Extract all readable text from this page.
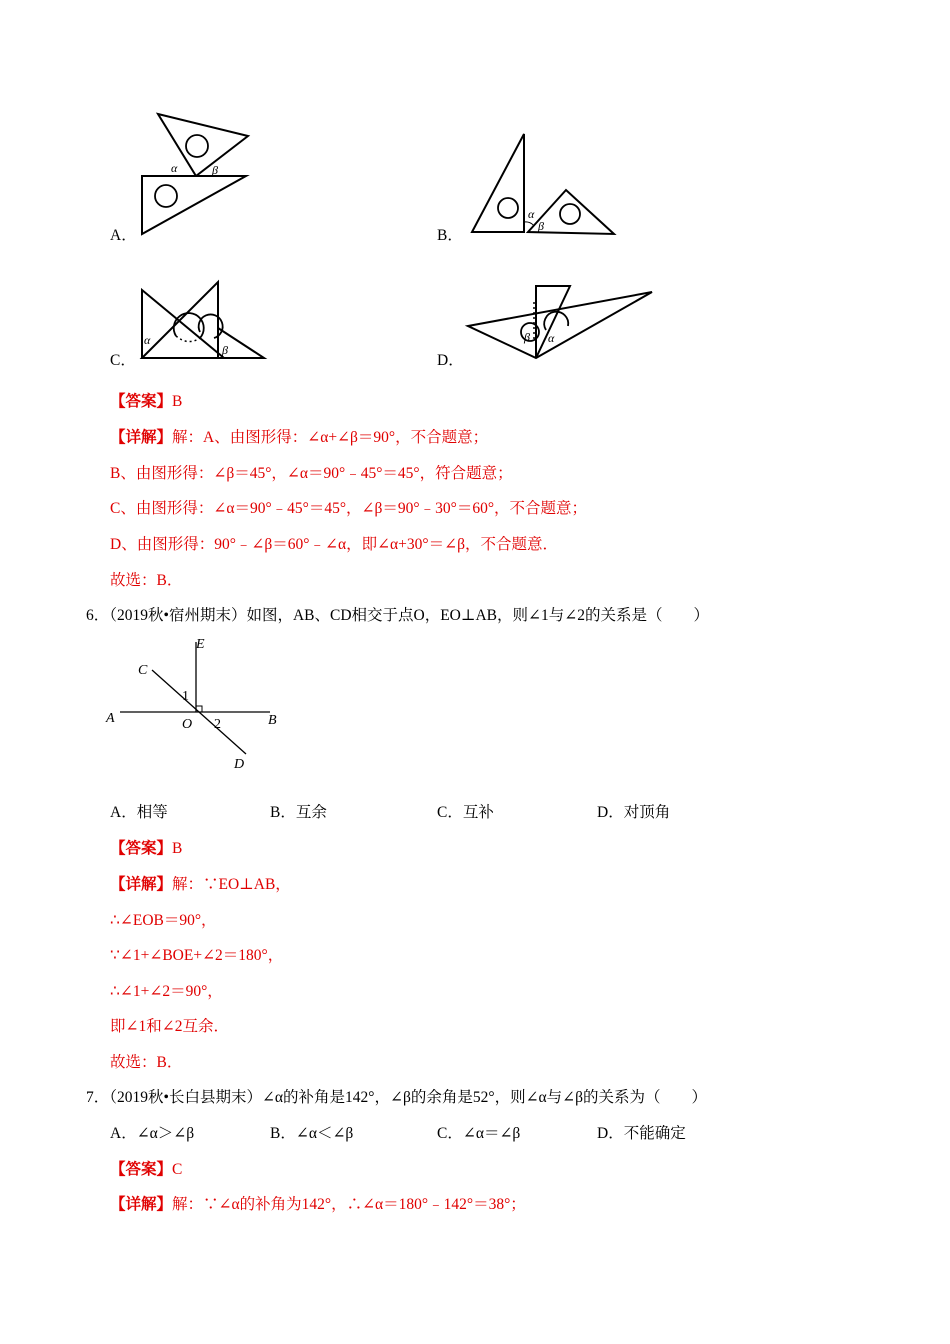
α	β
A．
α
β
B．
α
β
C．
β α
D．
【答案】B
【详解】解：A、由图形得：∠α+∠β＝90°，不合题意；
B、由图形得：∠β＝45°，∠α＝90°﹣45°＝45°，符合题意；
C、由图形得：∠α＝90°﹣45°＝45°，∠β＝90°﹣30°＝60°，不合题意；
D、由图形得：90°﹣∠β＝60°﹣∠α，即∠α+30°＝∠β，不合题意．
故选：B．
6．（2019秋•宿州期末）如图，AB、CD相交于点O，EO⊥AB，则∠1与∠2的关系是（　　）
A	B
C
D
E
O
1
2
A．相等	B．互余	C．互补	D．对顶角
【答案】B
【详解】解：∵EO⊥AB，
∴∠EOB＝90°，
∵∠1+∠BOE+∠2＝180°，
∴∠1+∠2＝90°，
即∠1和∠2互余．
故选：B．
7．（2019秋•长白县期末）∠α的补角是142°，∠β的余角是52°，则∠α与∠β的关系为（　　）
A．∠α＞∠β	B．∠α＜∠β	C．∠α＝∠β	D．不能确定
【答案】C
【详解】解：∵∠α的补角为142°，∴∠α＝180°﹣142°＝38°；
